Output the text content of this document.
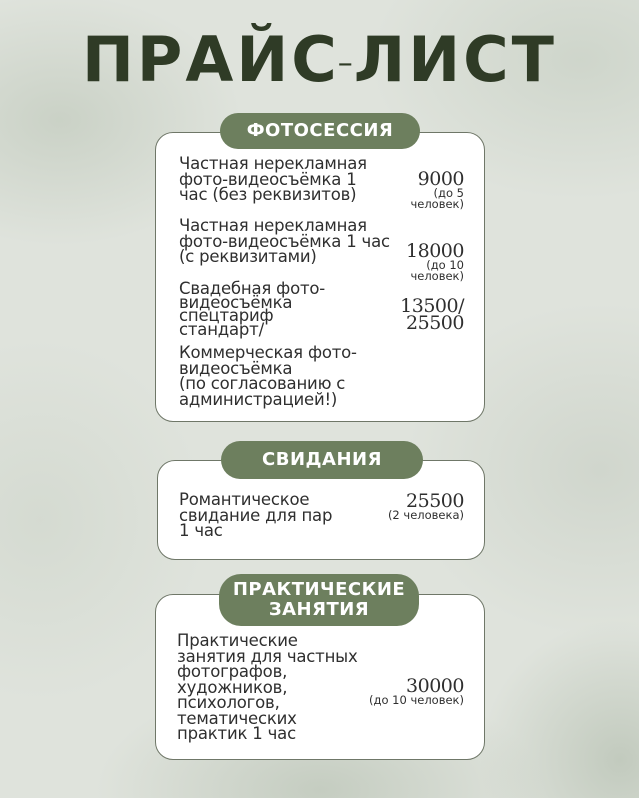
ПРАЙС–ЛИСТ
ФОТОСЕССИЯ
Частная нерекламная
фото-видеосъёмка 1
час (без реквизитов)
9000
(до 5
человек)
Частная нерекламная
фото-видеосъёмка 1 час
(с реквизитами)	18000
(до 10
человек)
Свадебная фото-
видеосъёмка
спецтариф
стандарт/
13500/
25500
Коммерческая фото-
видеосъёмка
(по согласованию с
администрацией!)
СВИДАНИЯ
Романтическое
свидание для пар
1 час
25500
(2 человека)
ПРАКТИЧЕСКИЕ
ЗАНЯТИЯ
Практические
занятия для частных
фотографов,
художников,
психологов,
тематических
практик 1 час
30000
(до 10 человек)
